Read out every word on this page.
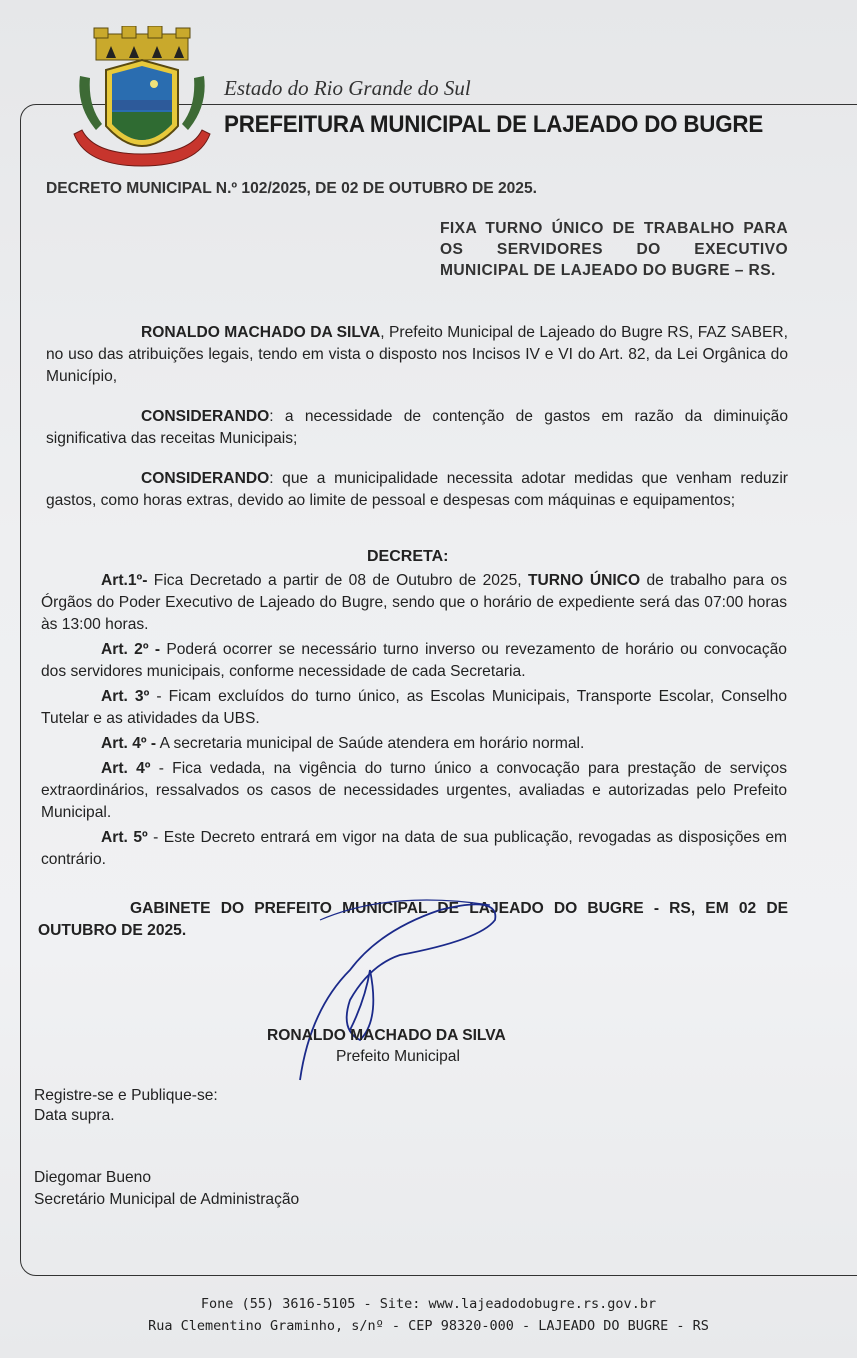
Estado do Rio Grande do Sul
PREFEITURA MUNICIPAL DE LAJEADO DO BUGRE
DECRETO MUNICIPAL N.º 102/2025, DE 02 DE OUTUBRO DE 2025.
FIXA TURNO ÚNICO DE TRABALHO PARA OS SERVIDORES DO EXECUTIVO MUNICIPAL DE LAJEADO DO BUGRE – RS.
RONALDO MACHADO DA SILVA, Prefeito Municipal de Lajeado do Bugre RS, FAZ SABER, no uso das atribuições legais, tendo em vista o disposto nos Incisos IV e VI do Art. 82, da Lei Orgânica do Município,
CONSIDERANDO: a necessidade de contenção de gastos em razão da diminuição significativa das receitas Municipais;
CONSIDERANDO: que a municipalidade necessita adotar medidas que venham reduzir gastos, como horas extras, devido ao limite de pessoal e despesas com máquinas e equipamentos;
DECRETA:

Art.1º- Fica Decretado a partir de 08 de Outubro de 2025, TURNO ÚNICO de trabalho para os Órgãos do Poder Executivo de Lajeado do Bugre, sendo que o horário de expediente será das 07:00 horas às 13:00 horas.

Art. 2º - Poderá ocorrer se necessário turno inverso ou revezamento de horário ou convocação dos servidores municipais, conforme necessidade de cada Secretaria.

Art. 3º - Ficam excluídos do turno único, as Escolas Municipais, Transporte Escolar, Conselho Tutelar e as atividades da UBS.

Art. 4º - A secretaria municipal de Saúde atendera em horário normal.

Art. 4º - Fica vedada, na vigência do turno único a convocação para prestação de serviços extraordinários, ressalvados os casos de necessidades urgentes, avaliadas e autorizadas pelo Prefeito Municipal.

Art. 5º - Este Decreto entrará em vigor na data de sua publicação, revogadas as disposições em contrário.

GABINETE DO PREFEITO MUNICIPAL DE LAJEADO DO BUGRE - RS, EM 02 DE OUTUBRO DE 2025.
RONALDO MACHADO DA SILVA
Prefeito Municipal
Registre-se e Publique-se:
Data supra.
Diegomar Bueno
Secretário Municipal de Administração
Fone (55) 3616-5105 - Site: www.lajeadodobugre.rs.gov.br
Rua Clementino Graminho, s/nº - CEP 98320-000 - LAJEADO DO BUGRE - RS
